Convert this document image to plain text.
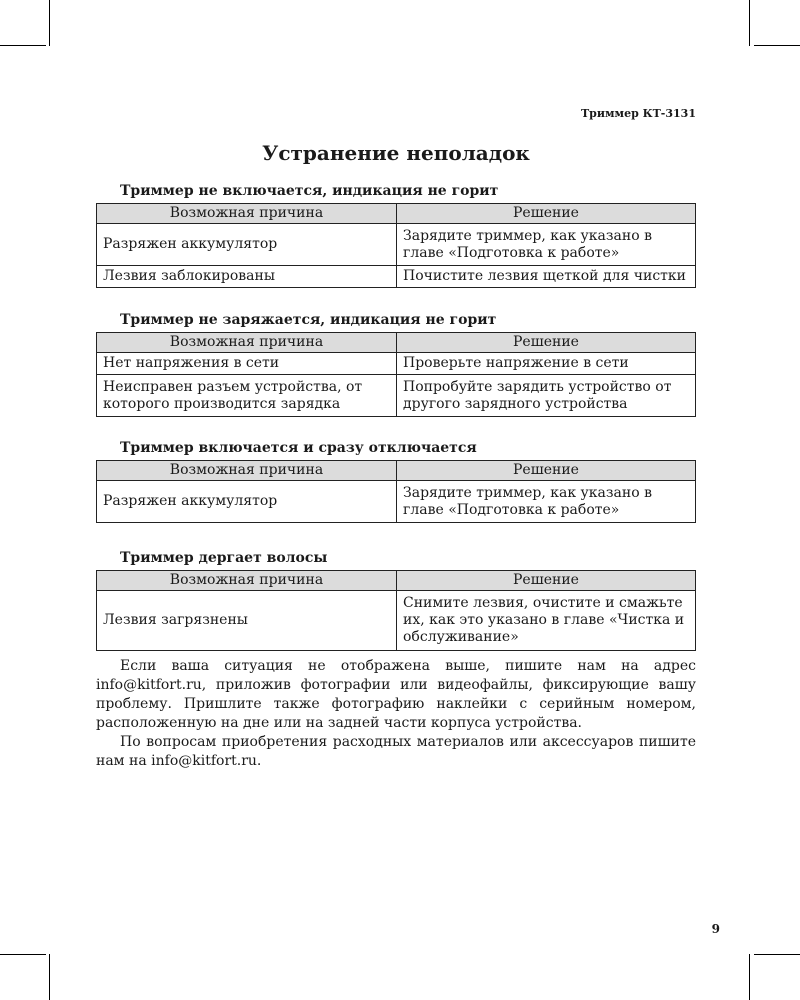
Триммер КТ-3131
Устранение неполадок
Триммер не включается, индикация не горит
Возможная причина	Решение
Разряжен аккумулятор	Зарядите триммер, как указано в главе «Подготовка к работе»
Лезвия заблокированы	Почистите лезвия щеткой для чистки
Триммер не заряжается, индикация не горит
Возможная причина	Решение
Нет напряжения в сети	Проверьте напряжение в сети
Неисправен разъем устройства, от которого производится зарядка	Попробуйте зарядить устройство от другого зарядного устройства
Триммер включается и сразу отключается
Возможная причина	Решение
Разряжен аккумулятор	Зарядите триммер, как указано в главе «Подготовка к работе»
Триммер дергает волосы
Возможная причина	Решение
Лезвия загрязнены	Снимите лезвия, очистите и смажьте их, как это указано в главе «Чистка и обслуживание»

Если ваша ситуация не отображена выше, пишите нам на адрес info@kitfort.ru, приложив фотографии или видеофайлы, фиксирующие вашу проблему. Пришлите также фотографию наклейки с серийным номером, расположенную на дне или на задней части корпуса устройства.

По вопросам приобретения расходных материалов или аксессуаров пишите нам на info@kitfort.ru.

9
